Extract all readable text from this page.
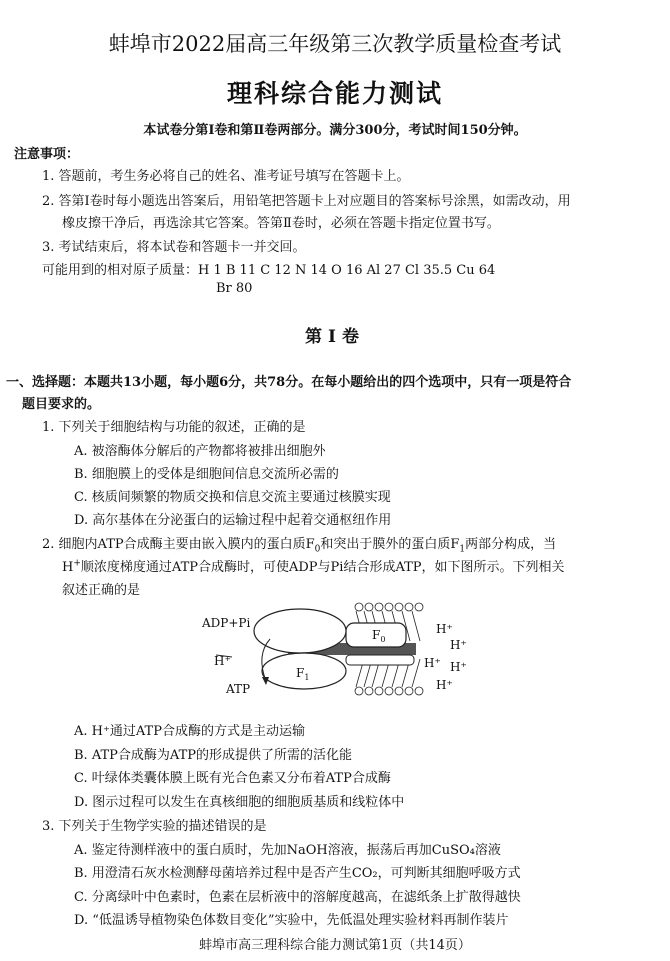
蚌埠市2022届高三年级第三次教学质量检查考试
理科综合能力测试
本试卷分第Ⅰ卷和第Ⅱ卷两部分。满分300分，考试时间150分钟。
注意事项：
1. 答题前，考生务必将自己的姓名、准考证号填写在答题卡上。
2. 答第Ⅰ卷时每小题选出答案后，用铅笔把答题卡上对应题目的答案标号涂黑，如需改动，用
橡皮擦干净后，再选涂其它答案。答第Ⅱ卷时，必须在答题卡指定位置书写。
3. 考试结束后，将本试卷和答题卡一并交回。
可能用到的相对原子质量：H 1 B 11 C 12 N 14 O 16 Al 27 Cl 35.5 Cu 64
Br 80
第Ⅰ卷
一、选择题：本题共13小题，每小题6分，共78分。在每小题给出的四个选项中，只有一项是符合
题目要求的。
1. 下列关于细胞结构与功能的叙述，正确的是
A. 被溶酶体分解后的产物都将被排出细胞外
B. 细胞膜上的受体是细胞间信息交流所必需的
C. 核质间频繁的物质交换和信息交流主要通过核膜实现
D. 高尔基体在分泌蛋白的运输过程中起着交通枢纽作用
2. 细胞内ATP合成酶主要由嵌入膜内的蛋白质$F_0$和突出于膜外的蛋白质$F_1$两部分构成，当
H+顺浓度梯度通过ATP合成酶时，可使ADP与Pi结合形成ATP，如下图所示。下列相关
叙述正确的是
ADP+Pi
ATP
H⁺
$F_0$
$F_1$
H⁺
H⁺
H⁺ H⁺
H⁺
A. H⁺通过ATP合成酶的方式是主动运输
B. ATP合成酶为ATP的形成提供了所需的活化能
C. 叶绿体类囊体膜上既有光合色素又分布着ATP合成酶
D. 图示过程可以发生在真核细胞的细胞质基质和线粒体中
3. 下列关于生物学实验的描述错误的是
A. 鉴定待测样液中的蛋白质时，先加NaOH溶液，振荡后再加CuSO₄溶液
B. 用澄清石灰水检测酵母菌培养过程中是否产生CO₂，可判断其细胞呼吸方式
C. 分离绿叶中色素时，色素在层析液中的溶解度越高，在滤纸条上扩散得越快
D. “低温诱导植物染色体数目变化”实验中，先低温处理实验材料再制作装片
蚌埠市高三理科综合能力测试第1页（共14页）
